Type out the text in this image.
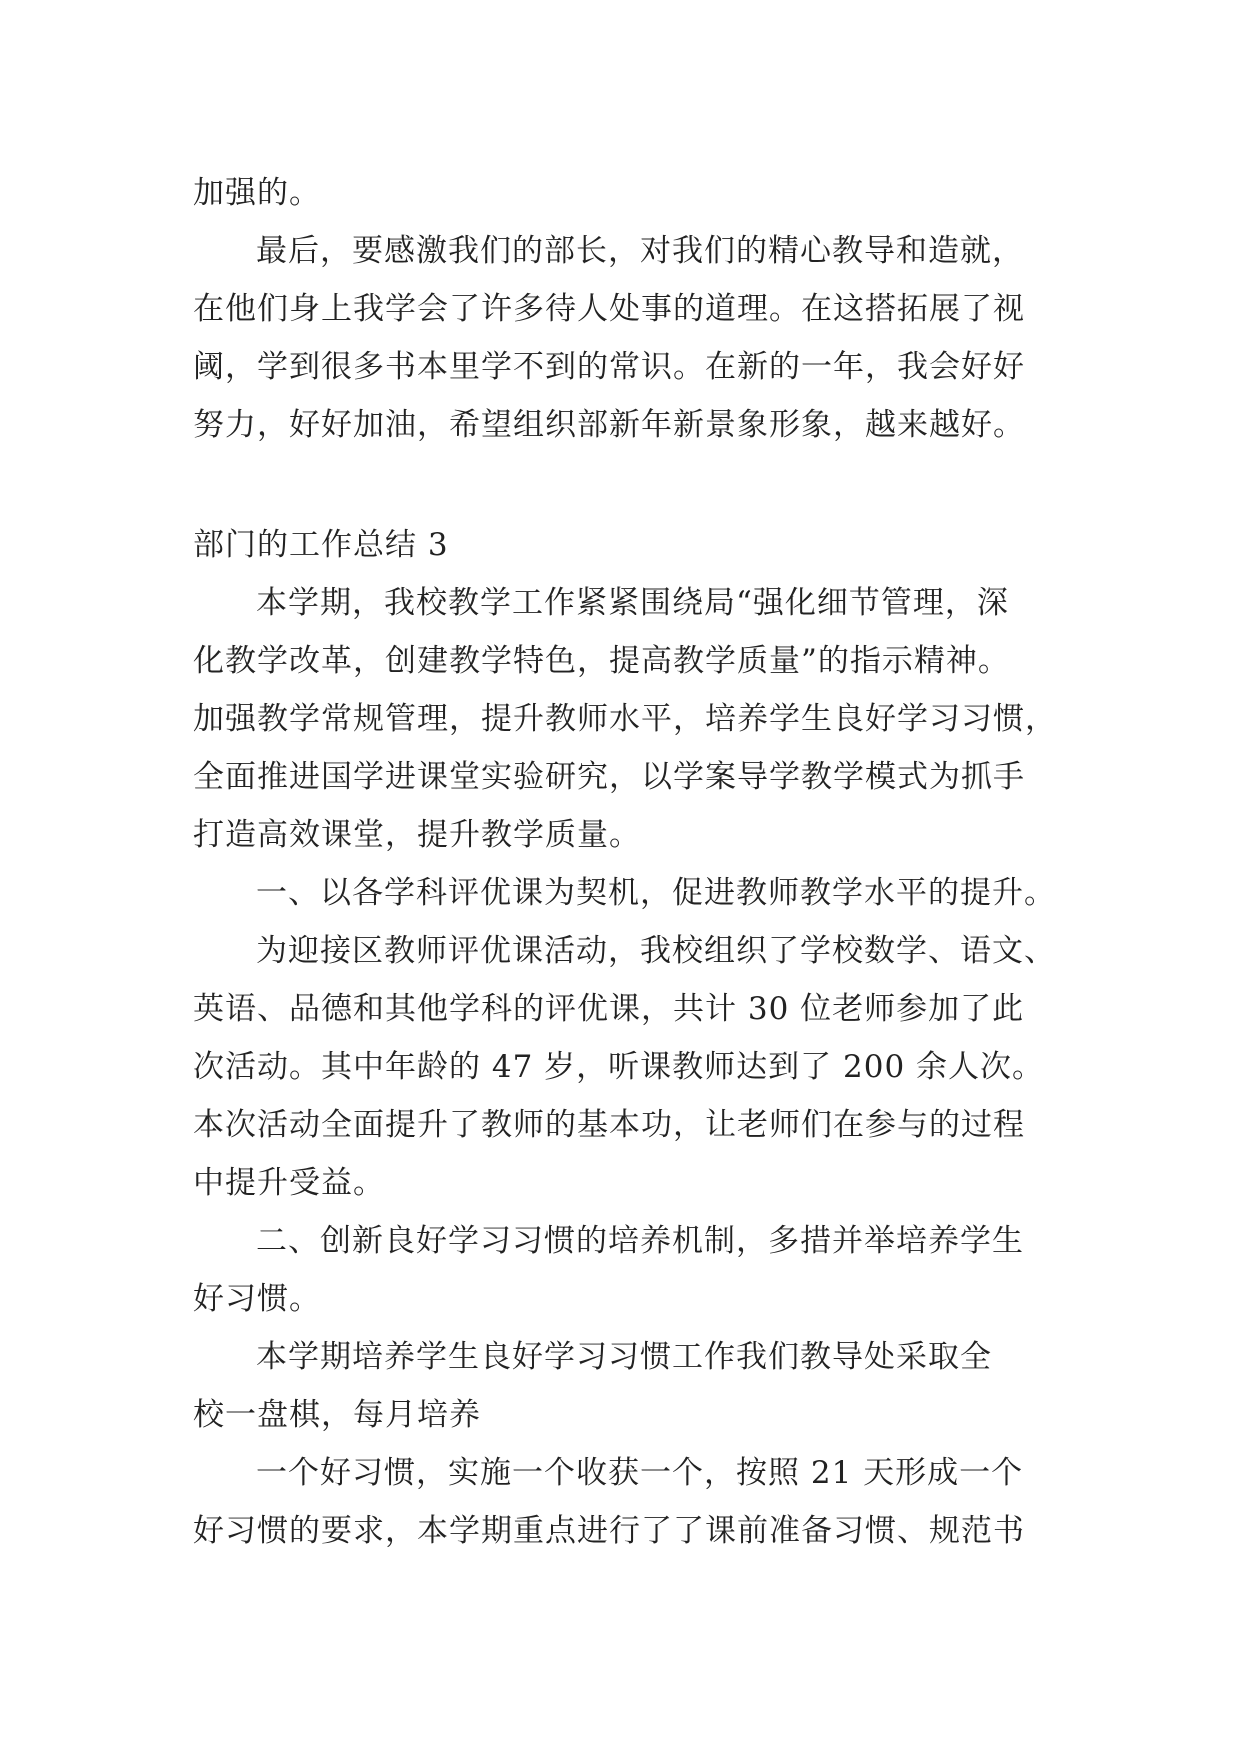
加强的。
最后，要感激我们的部长，对我们的精心教导和造就，
在他们身上我学会了许多待人处事的道理。在这搭拓展了视
阈，学到很多书本里学不到的常识。在新的一年，我会好好
努力，好好加油，希望组织部新年新景象形象，越来越好。
部门的工作总结 3
本学期，我校教学工作紧紧围绕局“强化细节管理，深
化教学改革，创建教学特色，提高教学质量”的指示精神。
加强教学常规管理，提升教师水平，培养学生良好学习习惯，
全面推进国学进课堂实验研究，以学案导学教学模式为抓手
打造高效课堂，提升教学质量。
一、以各学科评优课为契机，促进教师教学水平的提升。
为迎接区教师评优课活动，我校组织了学校数学、语文、
英语、品德和其他学科的评优课，共计 30 位老师参加了此
次活动。其中年龄的 47 岁，听课教师达到了 200 余人次。
本次活动全面提升了教师的基本功，让老师们在参与的过程
中提升受益。
二、创新良好学习习惯的培养机制，多措并举培养学生
好习惯。
本学期培养学生良好学习习惯工作我们教导处采取全
校一盘棋，每月培养
一个好习惯，实施一个收获一个，按照 21 天形成一个
好习惯的要求，本学期重点进行了了课前准备习惯、规范书
